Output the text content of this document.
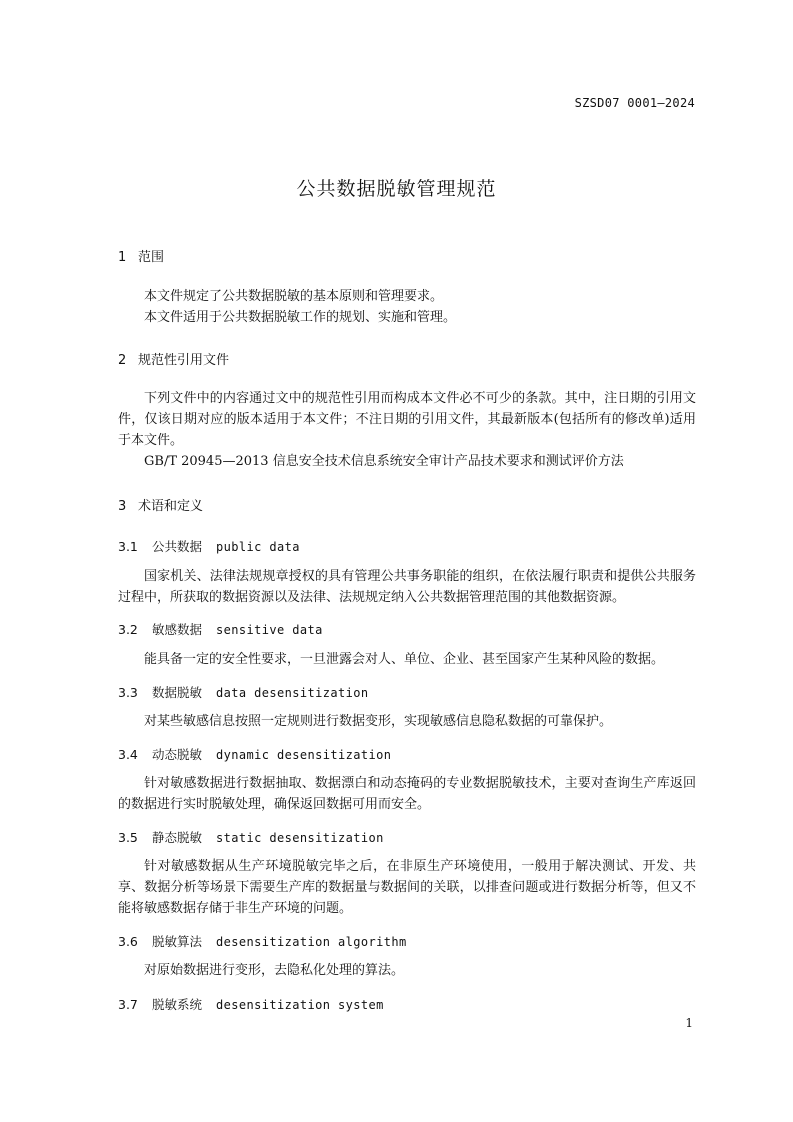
SZSD07 0001—2024
公共数据脱敏管理规范
1 范围

本文件规定了公共数据脱敏的基本原则和管理要求。

本文件适用于公共数据脱敏工作的规划、实施和管理。

2 规范性引用文件

下列文件中的内容通过文中的规范性引用而构成本文件必不可少的条款。其中，注日期的引用文件，仅该日期对应的版本适用于本文件；不注日期的引用文件，其最新版本(包括所有的修改单)适用于本文件。

GB/T 20945—2013 信息安全技术信息系统安全审计产品技术要求和测试评价方法

3 术语和定义
3.1 公共数据 public data
国家机关、法律法规规章授权的具有管理公共事务职能的组织，在依法履行职责和提供公共服务过程中，所获取的数据资源以及法律、法规规定纳入公共数据管理范围的其他数据资源。
3.2 敏感数据 sensitive data
能具备一定的安全性要求，一旦泄露会对人、单位、企业、甚至国家产生某种风险的数据。
3.3 数据脱敏 data desensitization
对某些敏感信息按照一定规则进行数据变形，实现敏感信息隐私数据的可靠保护。
3.4 动态脱敏 dynamic desensitization
针对敏感数据进行数据抽取、数据漂白和动态掩码的专业数据脱敏技术，主要对查询生产库返回的数据进行实时脱敏处理，确保返回数据可用而安全。
3.5 静态脱敏 static desensitization
针对敏感数据从生产环境脱敏完毕之后，在非原生产环境使用，一般用于解决测试、开发、共享、数据分析等场景下需要生产库的数据量与数据间的关联，以排查问题或进行数据分析等，但又不能将敏感数据存储于非生产环境的问题。
3.6 脱敏算法 desensitization algorithm
对原始数据进行变形，去隐私化处理的算法。
3.7 脱敏系统 desensitization system
1
